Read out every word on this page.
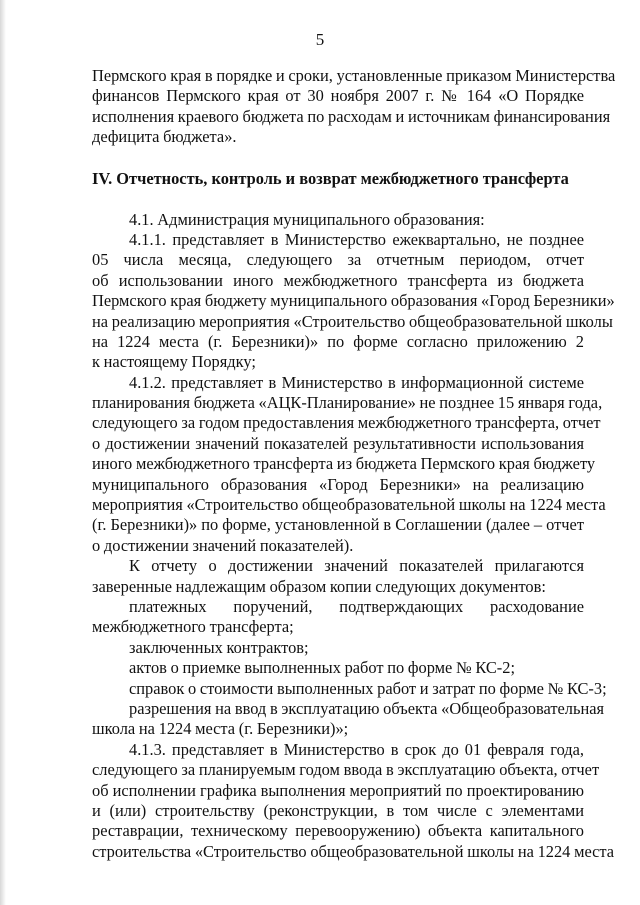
5
Пермского края в порядке и сроки, установленные приказом Министерства
финансов Пермского края от 30 ноября 2007 г. № 164 «О Порядке
исполнения краевого бюджета по расходам и источникам финансирования
дефицита бюджета».
IV. Отчетность, контроль и возврат межбюджетного трансферта
4.1. Администрация муниципального образования:
4.1.1. представляет в Министерство ежеквартально, не позднее
05 числа месяца, следующего за отчетным периодом, отчет
об использовании иного межбюджетного трансферта из бюджета
Пермского края бюджету муниципального образования «Город Березники»
на реализацию мероприятия «Строительство общеобразовательной школы
на 1224 места (г. Березники)» по форме согласно приложению 2
к настоящему Порядку;
4.1.2. представляет в Министерство в информационной системе
планирования бюджета «АЦК-Планирование» не позднее 15 января года,
следующего за годом предоставления межбюджетного трансферта, отчет
о достижении значений показателей результативности использования
иного межбюджетного трансферта из бюджета Пермского края бюджету
муниципального образования «Город Березники» на реализацию
мероприятия «Строительство общеобразовательной школы на 1224 места
(г. Березники)» по форме, установленной в Соглашении (далее – отчет
о достижении значений показателей).
К отчету о достижении значений показателей прилагаются
заверенные надлежащим образом копии следующих документов:
платежных поручений, подтверждающих расходование
межбюджетного трансферта;
заключенных контрактов;
актов о приемке выполненных работ по форме № КС-2;
справок о стоимости выполненных работ и затрат по форме № КС-3;
разрешения на ввод в эксплуатацию объекта «Общеобразовательная
школа на 1224 места (г. Березники)»;
4.1.3. представляет в Министерство в срок до 01 февраля года,
следующего за планируемым годом ввода в эксплуатацию объекта, отчет
об исполнении графика выполнения мероприятий по проектированию
и (или) строительству (реконструкции, в том числе с элементами
реставрации, техническому перевооружению) объекта капитального
строительства «Строительство общеобразовательной школы на 1224 места
